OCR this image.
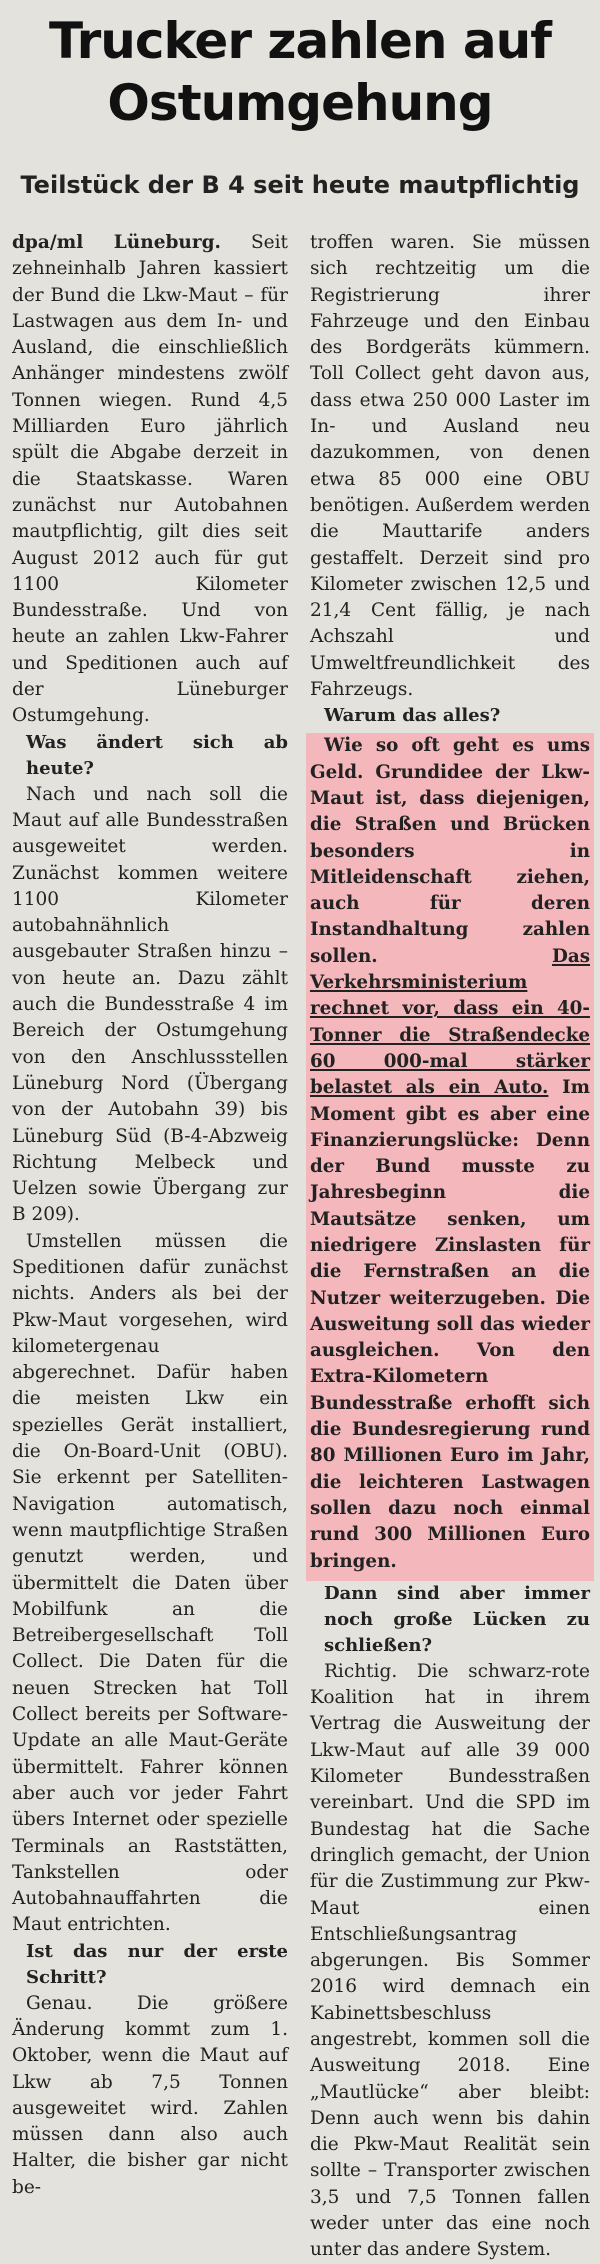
Trucker zahlen auf Ostumgehung
Teilstück der B 4 seit heute mautpflichtig

dpa/ml Lüneburg. Seit zehneinhalb Jahren kassiert der Bund die Lkw-Maut – für Lastwagen aus dem In- und Ausland, die einschließlich Anhänger mindestens zwölf Tonnen wiegen. Rund 4,5 Milliarden Euro jährlich spült die Abgabe derzeit in die Staatskasse. Waren zunächst nur Autobahnen mautpflichtig, gilt dies seit August 2012 auch für gut 1100 Kilometer Bundesstraße. Und von heute an zahlen Lkw-Fahrer und Speditionen auch auf der Lüneburger Ostumgehung.

Was ändert sich ab heute?

Nach und nach soll die Maut auf alle Bundesstraßen ausgeweitet werden. Zunächst kommen weitere 1100 Kilometer autobahnähnlich ausgebauter Straßen hinzu – von heute an. Dazu zählt auch die Bundesstraße 4 im Bereich der Ostumgehung von den Anschlussstellen Lüneburg Nord (Übergang von der Autobahn 39) bis Lüneburg Süd (B-4-Abzweig Richtung Melbeck und Uelzen sowie Übergang zur B 209).

Umstellen müssen die Speditionen dafür zunächst nichts. Anders als bei der Pkw-Maut vorgesehen, wird kilometergenau abgerechnet. Dafür haben die meisten Lkw ein spezielles Gerät installiert, die On-Board-Unit (OBU). Sie erkennt per Satelliten-Navigation automatisch, wenn mautpflichtige Straßen genutzt werden, und übermittelt die Daten über Mobilfunk an die Betreibergesellschaft Toll Collect. Die Daten für die neuen Strecken hat Toll Collect bereits per Software-Update an alle Maut-Geräte übermittelt. Fahrer können aber auch vor jeder Fahrt übers Internet oder spezielle Terminals an Raststätten, Tankstellen oder Autobahnauffahrten die Maut entrichten.

Ist das nur der erste Schritt?

Genau. Die größere Änderung kommt zum 1. Oktober, wenn die Maut auf Lkw ab 7,5 Tonnen ausgeweitet wird. Zahlen müssen dann also auch Halter, die bisher gar nicht be-

troffen waren. Sie müssen sich rechtzeitig um die Registrierung ihrer Fahrzeuge und den Einbau des Bordgeräts kümmern. Toll Collect geht davon aus, dass etwa 250 000 Laster im In- und Ausland neu dazukommen, von denen etwa 85 000 eine OBU benötigen. Außerdem werden die Mauttarife anders gestaffelt. Derzeit sind pro Kilometer zwischen 12,5 und 21,4 Cent fällig, je nach Achszahl und Umweltfreundlichkeit des Fahrzeugs.

Warum das alles?

Wie so oft geht es ums Geld. Grundidee der Lkw-Maut ist, dass diejenigen, die Straßen und Brücken besonders in Mitleidenschaft ziehen, auch für deren Instandhaltung zahlen sollen. Das Verkehrsministerium rechnet vor, dass ein 40-Tonner die Straßendecke 60 000-mal stärker belastet als ein Auto. Im Moment gibt es aber eine Finanzierungslücke: Denn der Bund musste zu Jahresbeginn die Mautsätze senken, um niedrigere Zinslasten für die Fernstraßen an die Nutzer weiterzugeben. Die Ausweitung soll das wieder ausgleichen. Von den Extra-Kilometern Bundesstraße erhofft sich die Bundesregierung rund 80 Millionen Euro im Jahr, die leichteren Lastwagen sollen dazu noch einmal rund 300 Millionen Euro bringen.

Dann sind aber immer noch große Lücken zu schließen?

Richtig. Die schwarz-rote Koalition hat in ihrem Vertrag die Ausweitung der Lkw-Maut auf alle 39 000 Kilometer Bundesstraßen vereinbart. Und die SPD im Bundestag hat die Sache dringlich gemacht, der Union für die Zustimmung zur Pkw-Maut einen Entschließungsantrag abgerungen. Bis Sommer 2016 wird demnach ein Kabinettsbeschluss angestrebt, kommen soll die Ausweitung 2018. Eine „Mautlücke“ aber bleibt: Denn auch wenn bis dahin die Pkw-Maut Realität sein sollte – Transporter zwischen 3,5 und 7,5 Tonnen fallen weder unter das eine noch unter das andere System.
